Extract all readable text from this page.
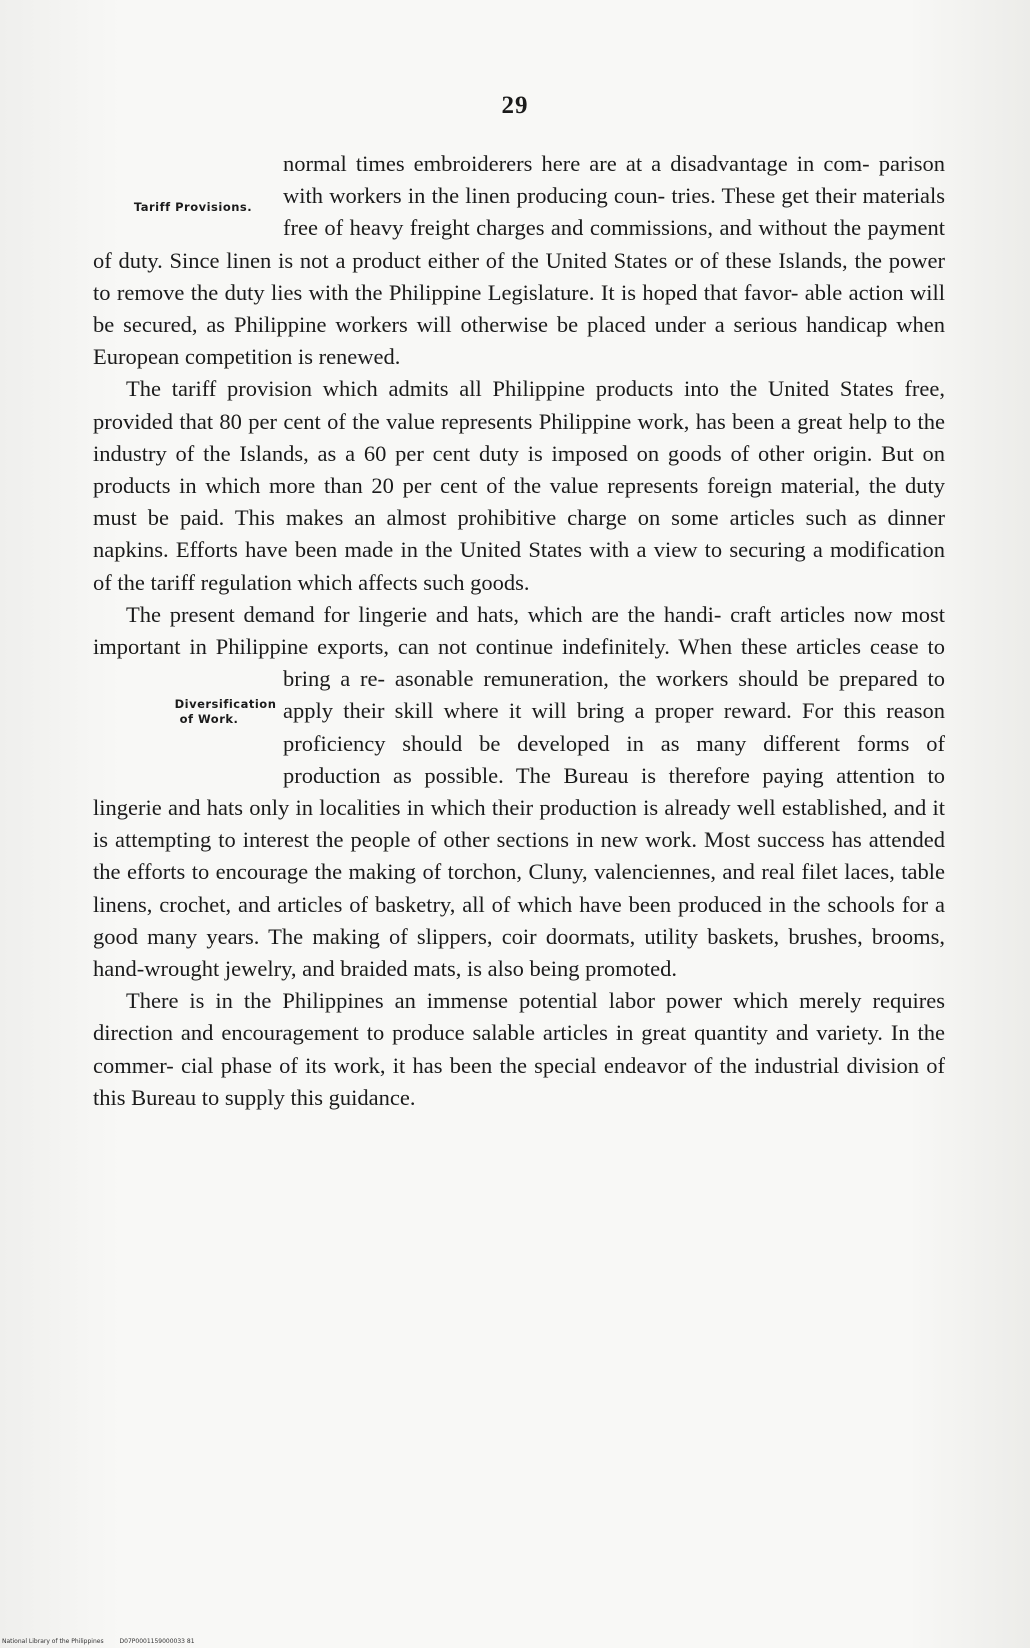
29

normal times embroiderers here are at a disadvantage in com-
Tariff Provisions.
parison with workers in the linen producing coun- tries. These get their materials free of heavy freight charges and commissions, and without the payment of duty. Since linen is not a product either of the United States or of these Islands, the power to remove the duty lies with the Philippine Legislature. It is hoped that favor- able action will be secured, as Philippine workers will otherwise be placed under a serious handicap when European competition is renewed.

The tariff provision which admits all Philippine products into the United States free, provided that 80 per cent of the value represents Philippine work, has been a great help to the industry of the Islands, as a 60 per cent duty is imposed on goods of other origin. But on products in which more than 20 per cent of the value represents foreign material, the duty must be paid. This makes an almost prohibitive charge on some articles such as dinner napkins. Efforts have been made in the United States with a view to securing a modification of the tariff regulation which affects such goods.

The present demand for lingerie and hats, which are the handi- craft articles now most important in Philippine exports, can not continue indefinitely. When these articles cease to bring a re-
Diversification of Work.
asonable remuneration, the workers should be prepared to apply their skill where it will bring a proper reward. For this reason proficiency should be developed in as many different forms of production as possible. The Bureau is therefore paying attention to lingerie and hats only in localities in which their production is already well established, and it is attempting to interest the people of other sections in new work. Most success has attended the efforts to encourage the making of torchon, Cluny, valenciennes, and real filet laces, table linens, crochet, and articles of basketry, all of which have been produced in the schools for a good many years. The making of slippers, coir doormats, utility baskets, brushes, brooms, hand-wrought jewelry, and braided mats, is also being promoted.

There is in the Philippines an immense potential labor power which merely requires direction and encouragement to produce salable articles in great quantity and variety. In the commer- cial phase of its work, it has been the special endeavor of the industrial division of this Bureau to supply this guidance.

National Library of the Philippines	D07P0001159000033 81
